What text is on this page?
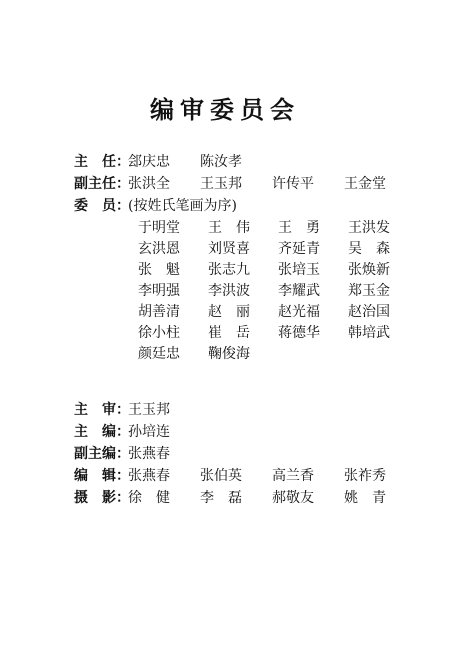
编审委员会
主　任：郐庆忠 陈汝孝
副主任：张洪全 王玉邦 许传平 王金堂
委　员：(按姓氏笔画为序)
于明堂 王　伟 王　勇 王洪发
玄洪恩 刘贤喜 齐延青 吴　森
张　魁 张志九 张培玉 张焕新
李明强 李洪波 李耀武 郑玉金
胡善清 赵　丽 赵光福 赵治国
徐小柱 崔　岳 蒋德华 韩培武
颜廷忠 鞠俊海
主　审：王玉邦
主　编：孙培连
副主编：张燕春
编　辑：张燕春 张伯英 高兰香 张祚秀
摄　影：徐　健 李　磊 郝敬友 姚　青
